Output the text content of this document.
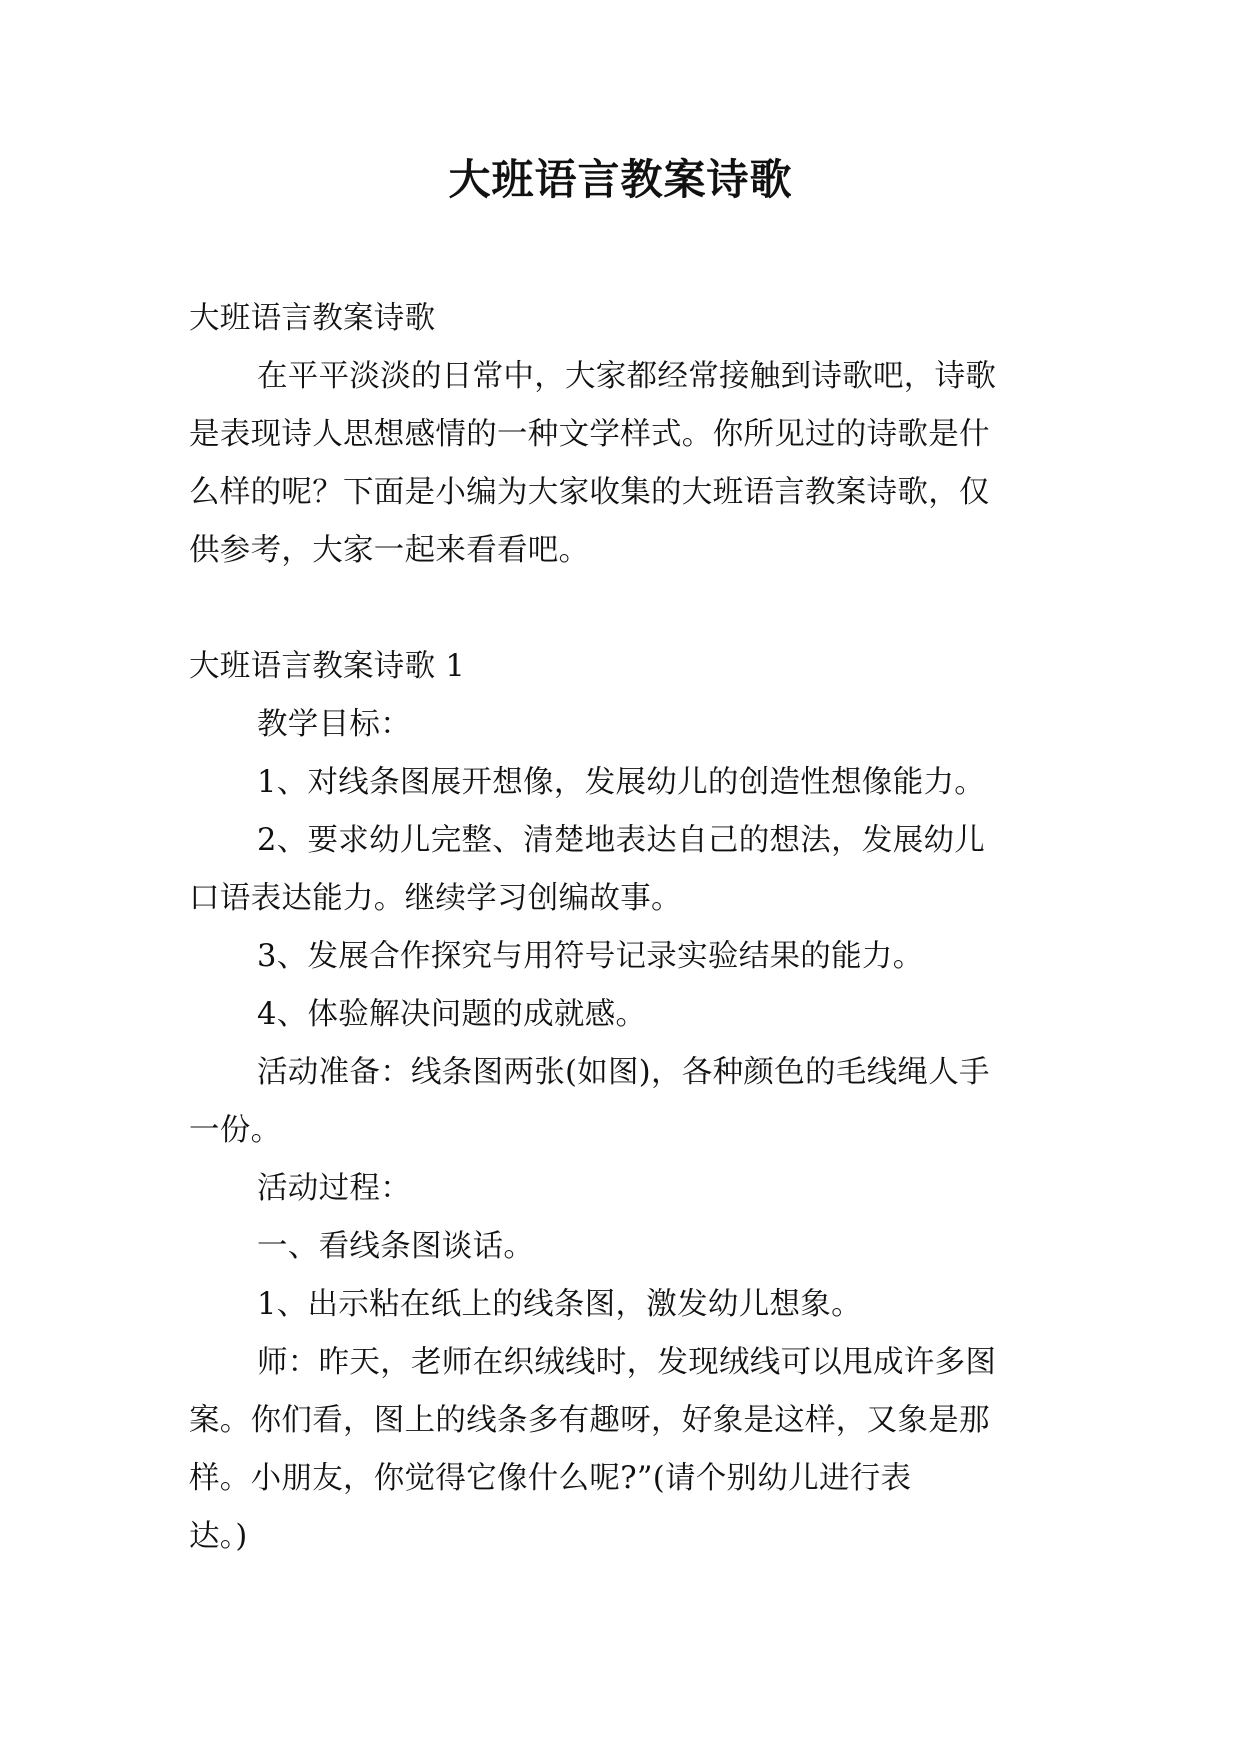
大班语言教案诗歌

大班语言教案诗歌

在平平淡淡的日常中，大家都经常接触到诗歌吧，诗歌

是表现诗人思想感情的一种文学样式。你所见过的诗歌是什

么样的呢？下面是小编为大家收集的大班语言教案诗歌，仅

供参考，大家一起来看看吧。

大班语言教案诗歌 1

教学目标：

1、对线条图展开想像，发展幼儿的创造性想像能力。

2、要求幼儿完整、清楚地表达自己的想法，发展幼儿

口语表达能力。继续学习创编故事。

3、发展合作探究与用符号记录实验结果的能力。

4、体验解决问题的成就感。

活动准备：线条图两张(如图)，各种颜色的毛线绳人手

一份。

活动过程：

一、看线条图谈话。

1、出示粘在纸上的线条图，激发幼儿想象。

师：昨天，老师在织绒线时，发现绒线可以甩成许多图

案。你们看，图上的线条多有趣呀，好象是这样，又象是那

样。小朋友，你觉得它像什么呢?”(请个别幼儿进行表

达。)
